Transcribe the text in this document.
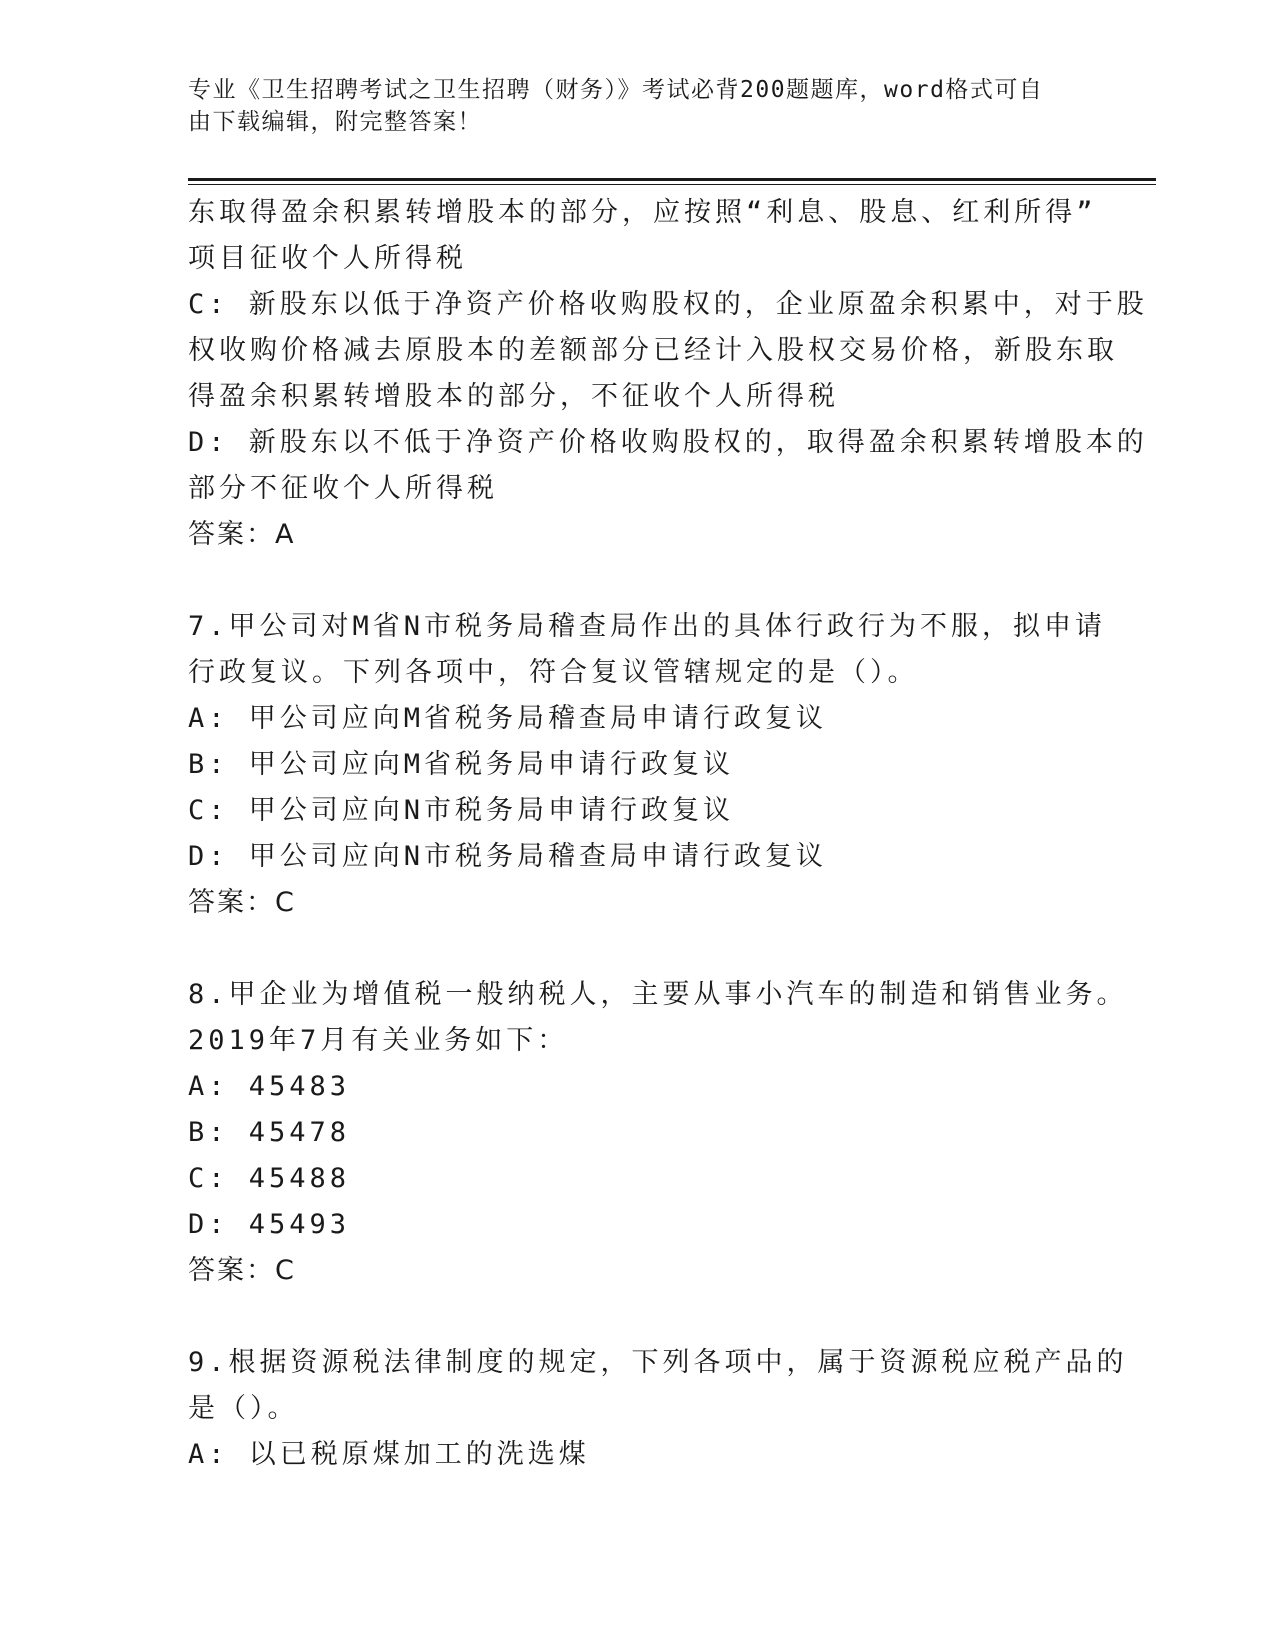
专业《卫生招聘考试之卫生招聘（财务）》考试必背200题题库，word格式可自
由下载编辑，附完整答案！
东取得盈余积累转增股本的部分，应按照“利息、股息、红利所得”
项目征收个人所得税
C: 新股东以低于净资产价格收购股权的，企业原盈余积累中，对于股
权收购价格减去原股本的差额部分已经计入股权交易价格，新股东取
得盈余积累转增股本的部分，不征收个人所得税
D: 新股东以不低于净资产价格收购股权的，取得盈余积累转增股本的
部分不征收个人所得税
答案：A
7.甲公司对M省N市税务局稽查局作出的具体行政行为不服，拟申请
行政复议。下列各项中，符合复议管辖规定的是（）。
A: 甲公司应向M省税务局稽查局申请行政复议
B: 甲公司应向M省税务局申请行政复议
C: 甲公司应向N市税务局申请行政复议
D: 甲公司应向N市税务局稽查局申请行政复议
答案：C
8.甲企业为增值税一般纳税人，主要从事小汽车的制造和销售业务。
2019年7月有关业务如下：
A: 45483
B: 45478
C: 45488
D: 45493
答案：C
9.根据资源税法律制度的规定，下列各项中，属于资源税应税产品的
是（）。
A: 以已税原煤加工的洗选煤
